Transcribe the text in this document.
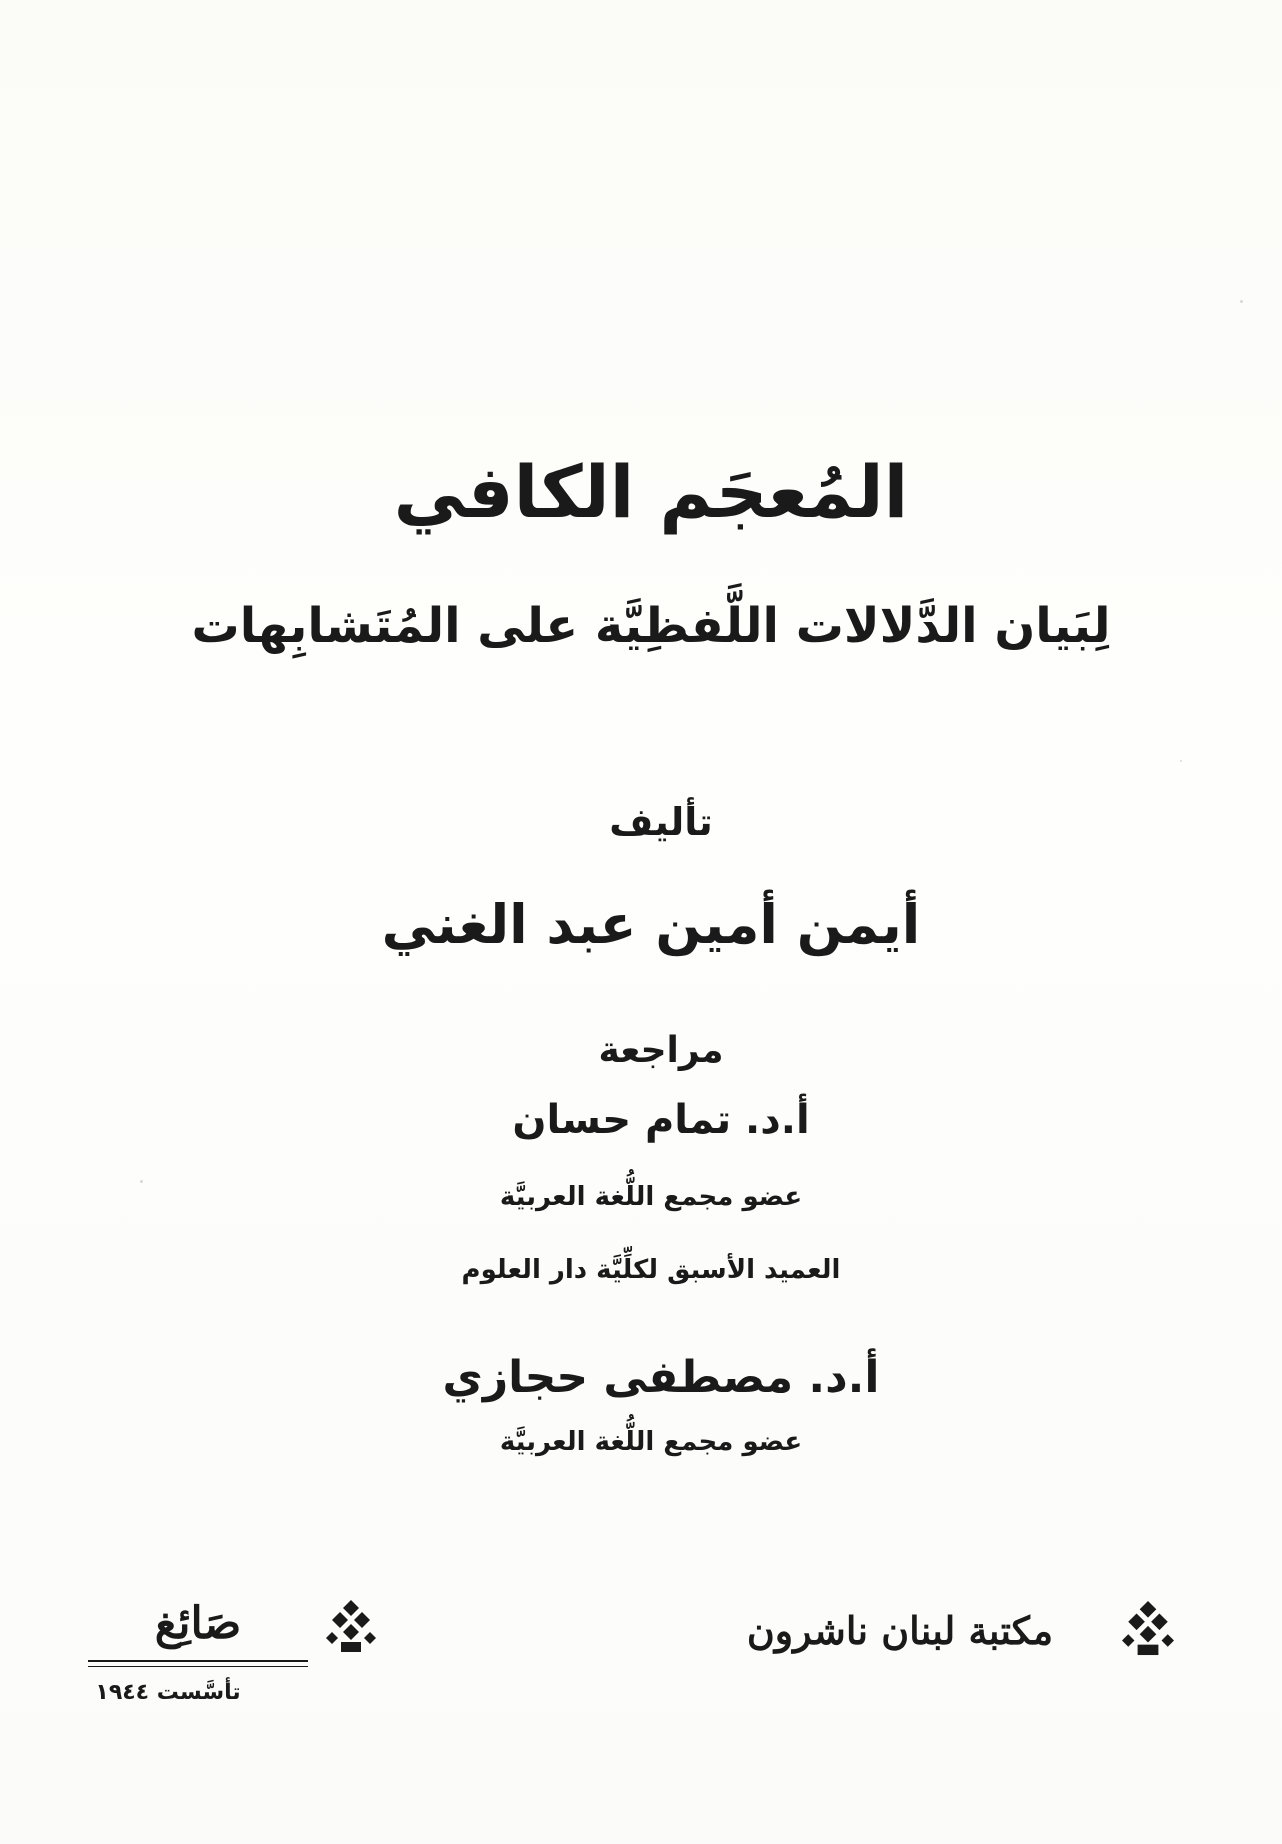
المُعجَم الكافي
لِبَيان الدَّلالات اللَّفظِيَّة على المُتَشابِهات
تأليف
أيمن أمين عبد الغني
مراجعة
أ.د. تمام حسان
عضو مجمع اللُّغة العربيَّة
العميد الأسبق لكلِّيَّة دار العلوم
أ.د. مصطفى حجازي
عضو مجمع اللُّغة العربيَّة
صَائِغ
تأسَّست ١٩٤٤
مكتبة لبنان ناشرون
